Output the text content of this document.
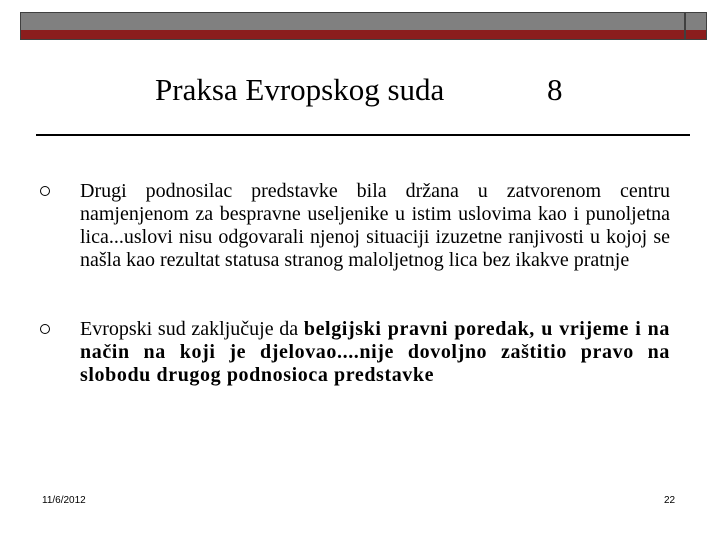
Praksa Evropskog suda	8
Drugi podnosilac predstavke bila držana u zatvorenom centru namjenjenom za bespravne useljenike u istim uslovima kao i punoljetna lica...uslovi nisu odgovarali njenoj situaciji izuzetne ranjivosti u kojoj se našla kao rezultat statusa stranog maloljetnog lica bez ikakve pratnje
Evropski sud zaključuje da belgijski pravni poredak, u vrijeme i na način na koji je djelovao....nije dovoljno zaštitio pravo na slobodu drugog podnosioca predstavke
11/6/2012	22
